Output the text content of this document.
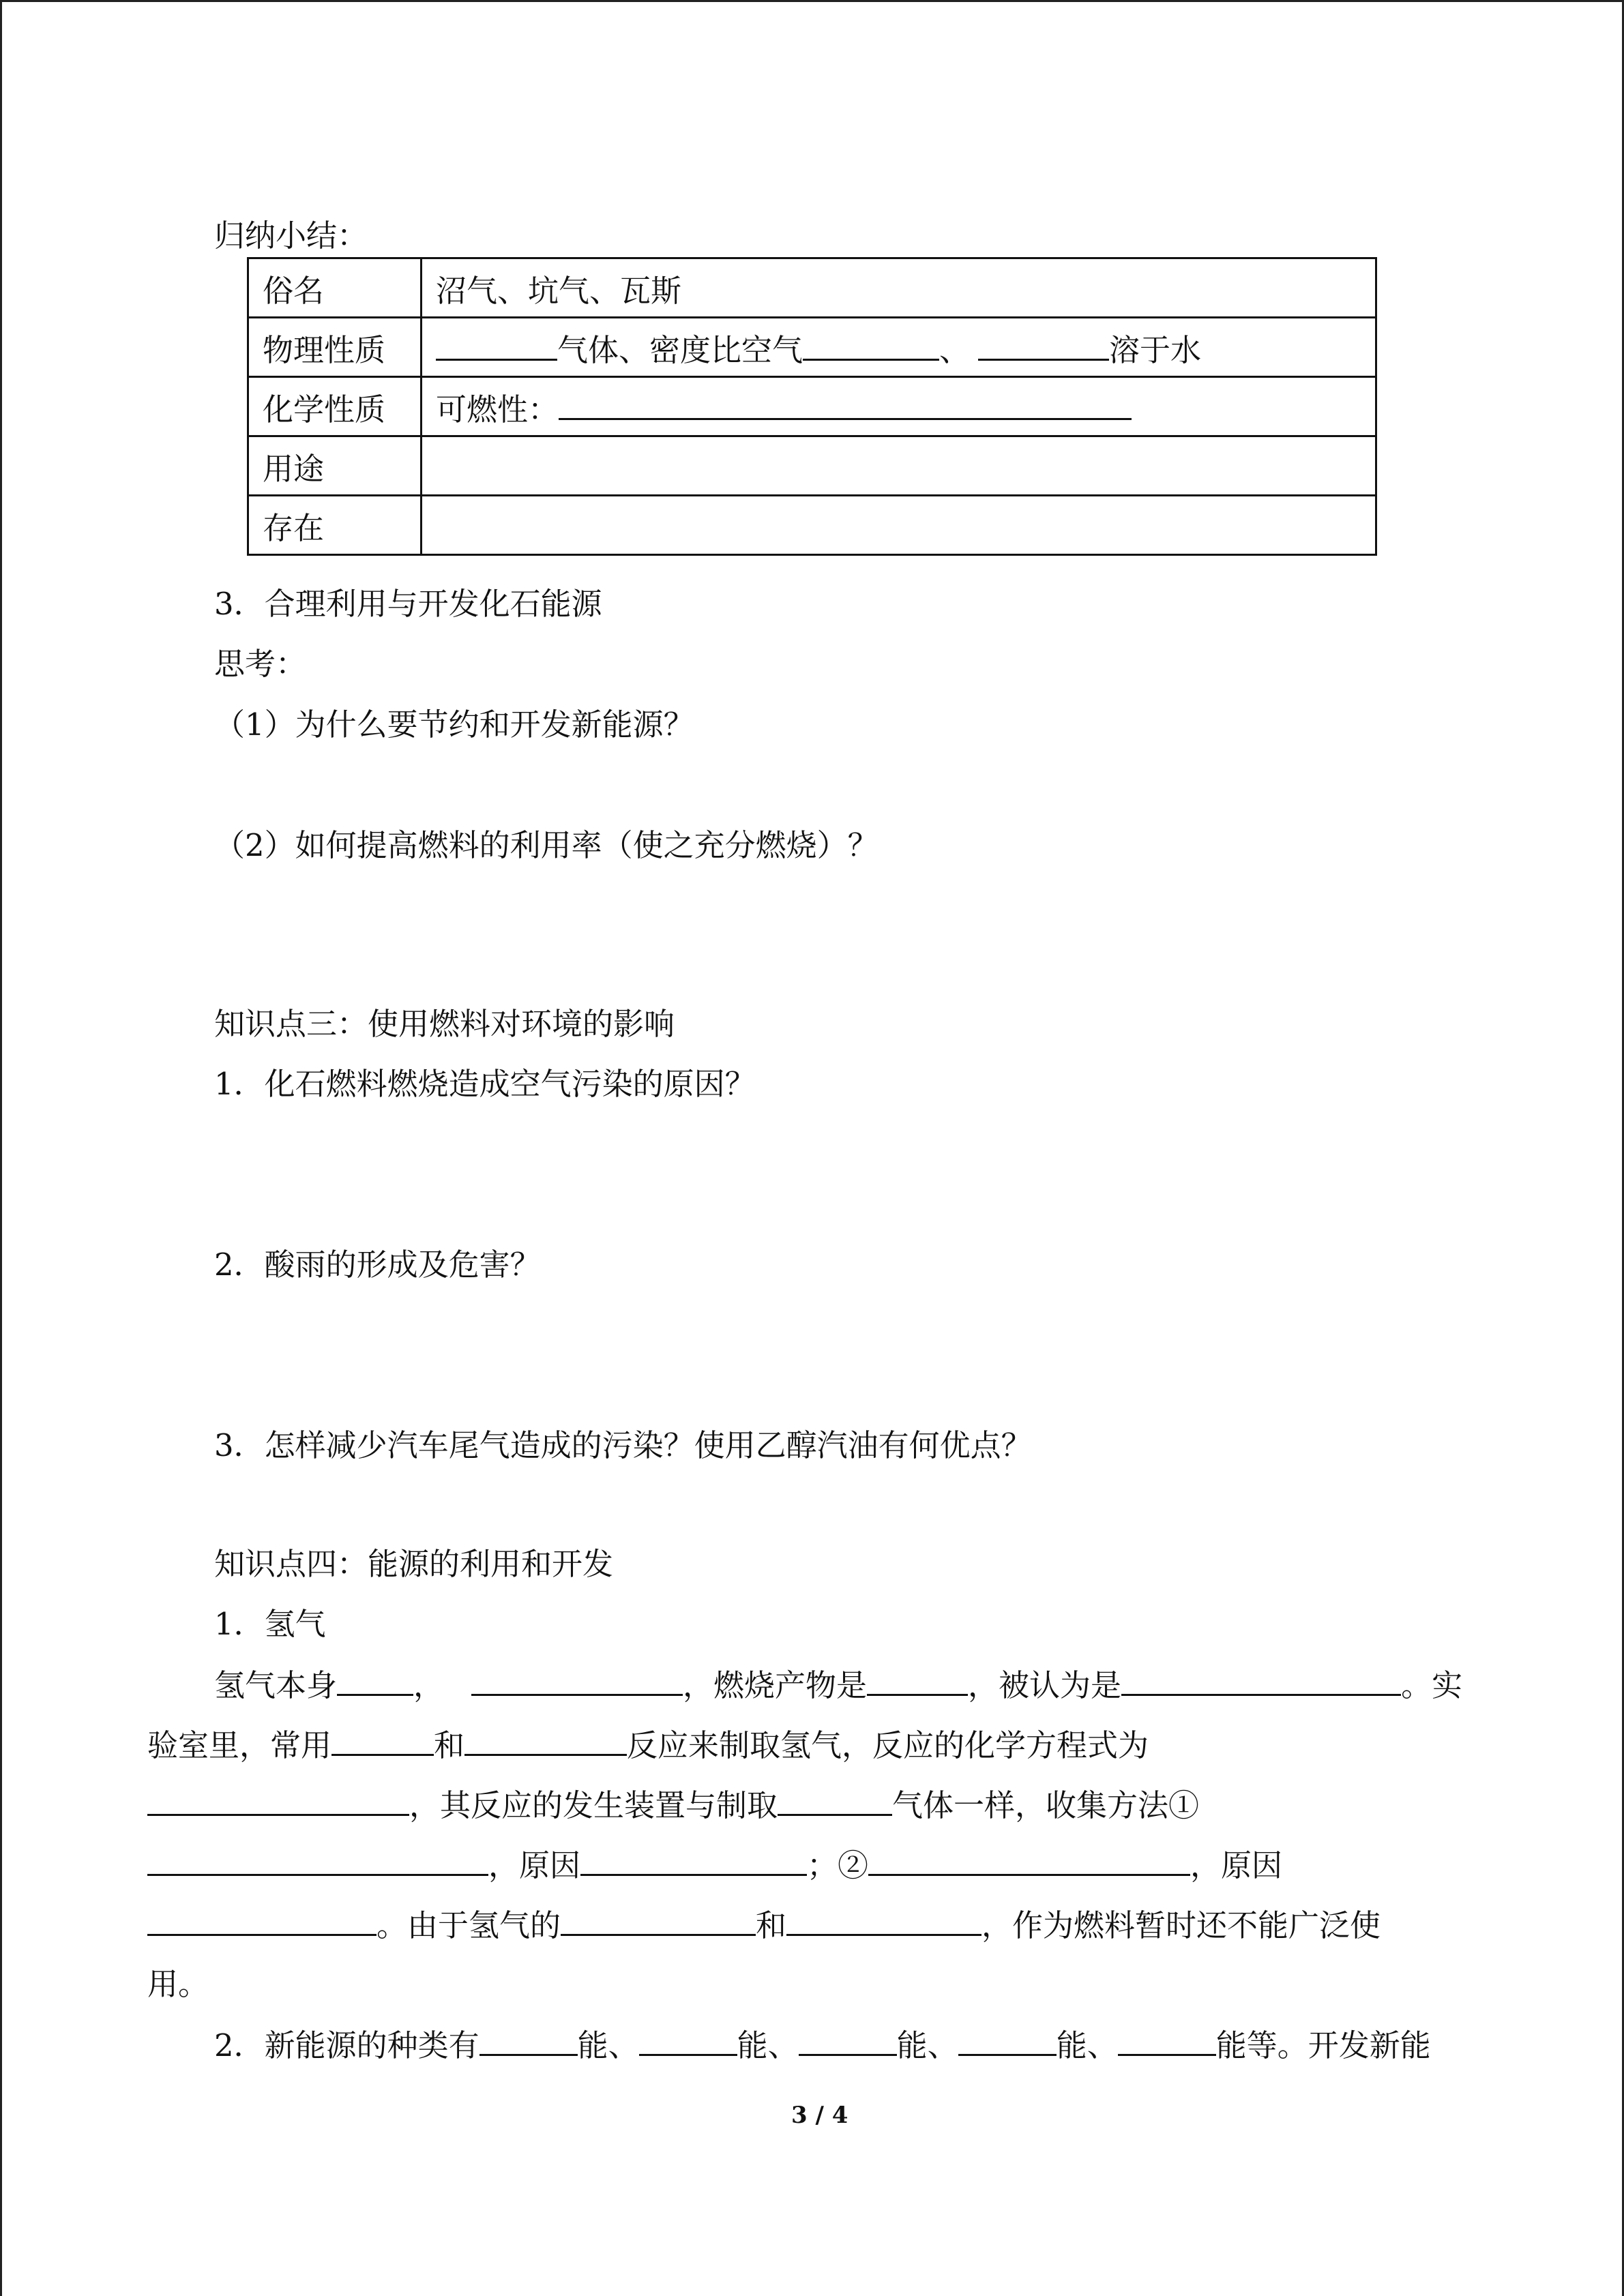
归纳小结：
俗名	沼气、坑气、瓦斯
物理性质	气体、密度比空气 、 溶于水
化学性质	可燃性：
用途	
存在	
3．合理利用与开发化石能源
思考：
（1）为什么要节约和开发新能源？
（2）如何提高燃料的利用率（使之充分燃烧）？
知识点三：使用燃料对环境的影响
1．化石燃料燃烧造成空气污染的原因？
2．酸雨的形成及危害？
3．怎样减少汽车尾气造成的污染？使用乙醇汽油有何优点？
知识点四：能源的利用和开发
1．氢气
氢气本身 ，	，燃烧产物是	，被认为是	。实
验室里，常用	和	反应来制取氢气，反应的化学方程式为
，其反应的发生装置与制取	气体一样，收集方法①
，原因	；②	，原因
。由于氢气的	和	，作为燃料暂时还不能广泛使
用。
2．新能源的种类有	能、	能、	能、	能、	能等。开发新能
3 / 4
